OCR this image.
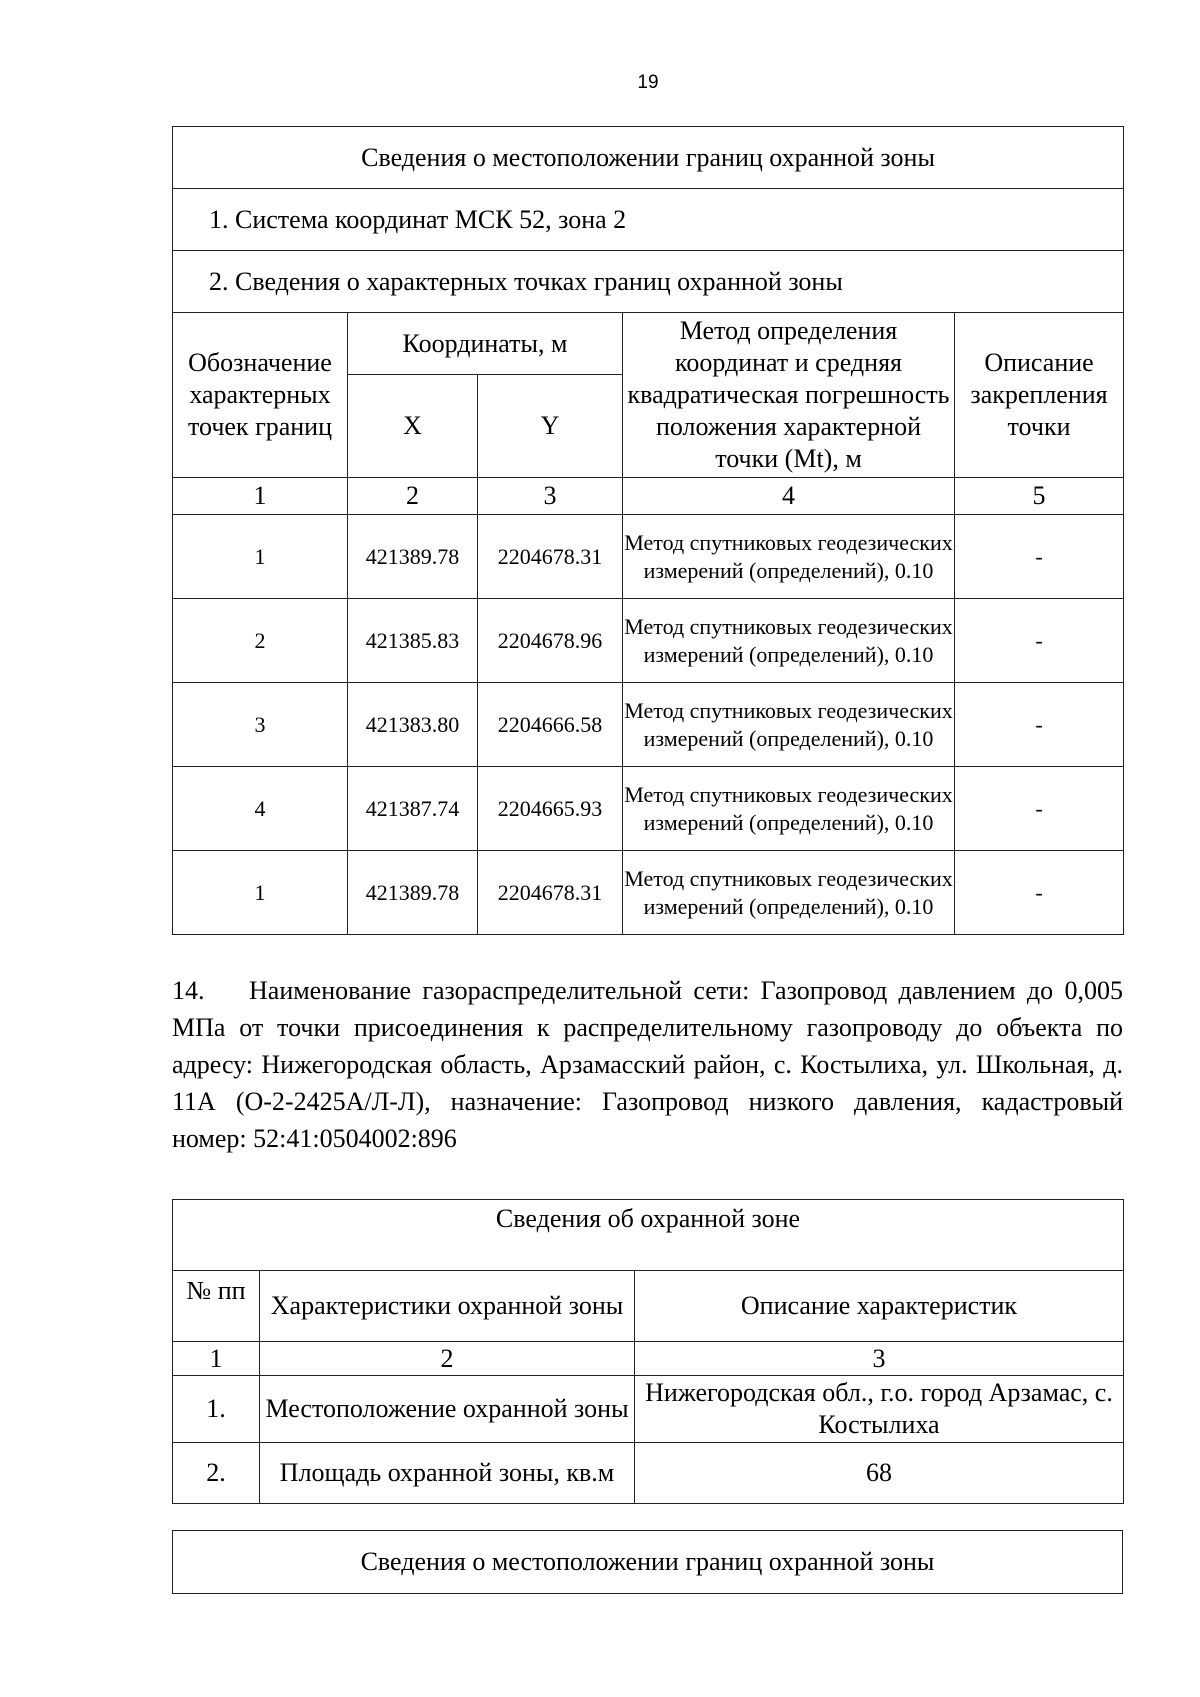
19
Сведения о местоположении границ охранной зоны				
1. Система координат МСК 52, зона 2				
2. Сведения о характерных точках границ охранной зоны				
Обозначение характерных точек границ	Координаты, м		Метод определения координат и средняя квадратическая погрешность положения характерной точки (Mt), м	Описание закрепления точки
	X	Y		
1	2	3	4	5
1	421389.78	2204678.31	Метод спутниковых геодезических измерений (определений), 0.10	-
2	421385.83	2204678.96	Метод спутниковых геодезических измерений (определений), 0.10	-
3	421383.80	2204666.58	Метод спутниковых геодезических измерений (определений), 0.10	-
4	421387.74	2204665.93	Метод спутниковых геодезических измерений (определений), 0.10	-
1	421389.78	2204678.31	Метод спутниковых геодезических измерений (определений), 0.10	-

14. Наименование газораспределительной сети: Газопровод давлением до 0,005 МПа от точки присоединения к распределительному газопроводу до объекта по адресу: Нижегородская область, Арзамасский район, с. Костылиха, ул. Школьная, д. 11А (О-2-2425А/Л-Л), назначение: Газопровод низкого давления, кадастровый номер: 52:41:0504002:896

Сведения об охранной зоне		
№ пп	Характеристики охранной зоны	Описание характеристик
1	2	3
1.	Местоположение охранной зоны	Нижегородская обл., г.о. город Арзамас, с. Костылиха
2.	Площадь охранной зоны, кв.м	68
Сведения о местоположении границ охранной зоны
